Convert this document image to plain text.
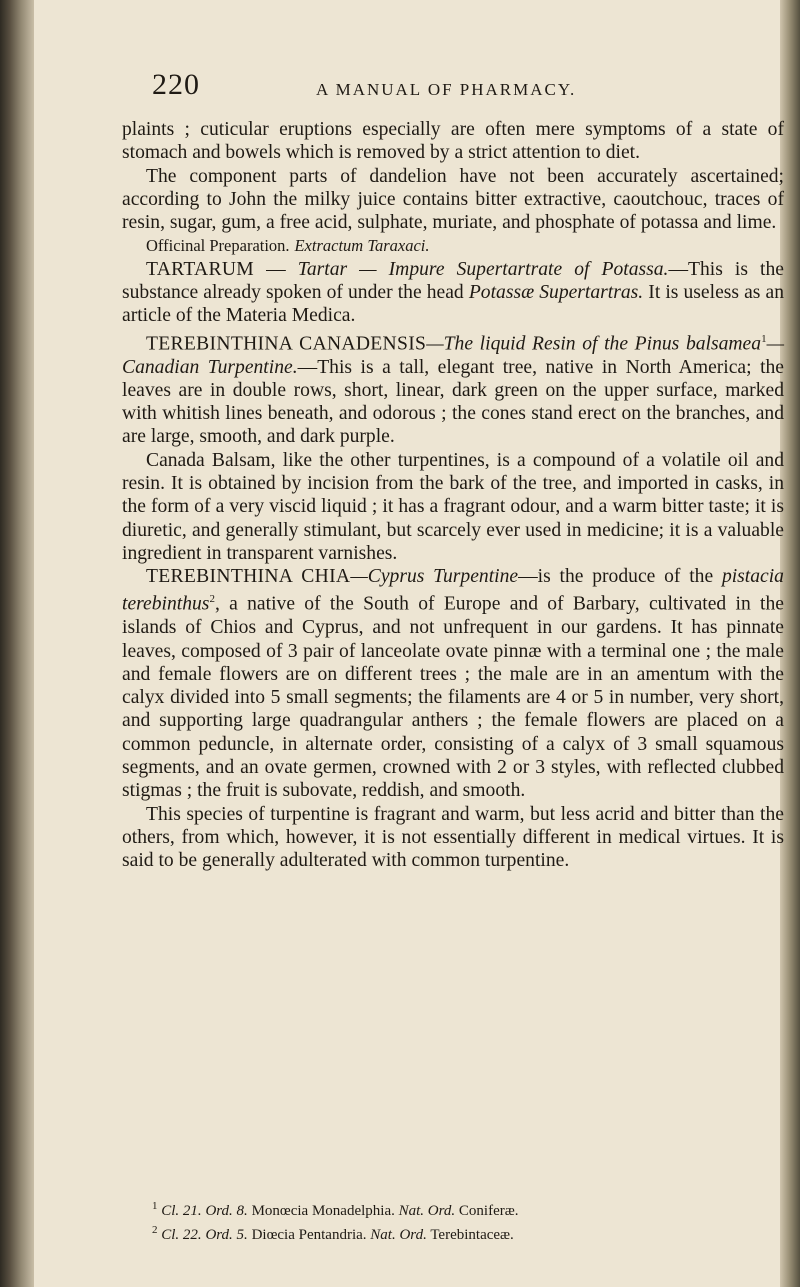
220	A MANUAL OF PHARMACY.

plaints ; cuticular eruptions especially are often mere symptoms of a state of stomach and bowels which is removed by a strict attention to diet.

The component parts of dandelion have not been accurately ascertained; according to John the milky juice contains bitter extractive, caoutchouc, traces of resin, sugar, gum, a free acid, sulphate, muriate, and phosphate of potassa and lime.

Officinal Preparation. Extractum Taraxaci.

TARTARUM — Tartar — Impure Supertartrate of Potassa.—This is the substance already spoken of under the head Potassæ Supertartras. It is useless as an article of the Materia Medica.

TEREBINTHINA CANADENSIS—The liquid Resin of the Pinus balsamea$^1$—Canadian Turpentine.—This is a tall, elegant tree, native in North America; the leaves are in double rows, short, linear, dark green on the upper surface, marked with whitish lines beneath, and odorous ; the cones stand erect on the branches, and are large, smooth, and dark purple.

Canada Balsam, like the other turpentines, is a compound of a volatile oil and resin. It is obtained by incision from the bark of the tree, and imported in casks, in the form of a very viscid liquid ; it has a fragrant odour, and a warm bitter taste; it is diuretic, and generally stimulant, but scarcely ever used in medicine; it is a valuable ingredient in transparent varnishes.

TEREBINTHINA CHIA—Cyprus Turpentine—is the produce of the pistacia terebinthus$^2$, a native of the South of Europe and of Barbary, cultivated in the islands of Chios and Cyprus, and not unfrequent in our gardens. It has pinnate leaves, composed of 3 pair of lanceolate ovate pinnæ with a terminal one ; the male and female flowers are on different trees ; the male are in an amentum with the calyx divided into 5 small segments; the filaments are 4 or 5 in number, very short, and supporting large quadrangular anthers ; the female flowers are placed on a common peduncle, in alternate order, consisting of a calyx of 3 small squamous segments, and an ovate germen, crowned with 2 or 3 styles, with reflected clubbed stigmas ; the fruit is subovate, reddish, and smooth.

This species of turpentine is fragrant and warm, but less acrid and bitter than the others, from which, however, it is not essentially different in medical virtues. It is said to be generally adulterated with common turpentine.

$^1$ Cl. 21. Ord. 8. Monœcia Monadelphia. Nat. Ord. Coniferæ.
$^2$ Cl. 22. Ord. 5. Diœcia Pentandria. Nat. Ord. Terebintaceæ.
